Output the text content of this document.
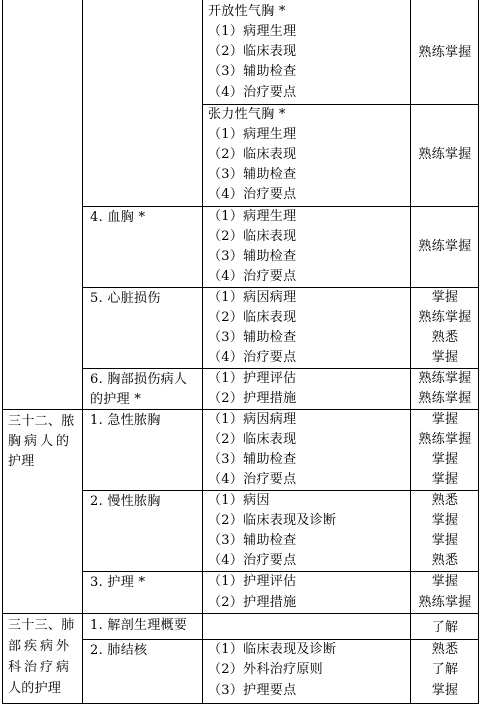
三十二、脓
胸病人的
护理
三十三、肺
部疾病外
科治疗病
人的护理
4. 血胸 *
5. 心脏损伤
6. 胸部损伤病人
的护理 *
1. 急性脓胸
2. 慢性脓胸
3. 护理 *
1. 解剖生理概要
2. 肺结核
开放性气胸 *
（1）病理生理
（2）临床表现
（3）辅助检查
（4）治疗要点
张力性气胸 *
（1）病理生理
（2）临床表现
（3）辅助检查
（4）治疗要点
（1）病理生理
（2）临床表现
（3）辅助检查
（4）治疗要点
（1）病因病理
（2）临床表现
（3）辅助检查
（4）治疗要点
（1）护理评估
（2）护理措施
（1）病因病理
（2）临床表现
（3）辅助检查
（4）治疗要点
（1）病因
（2）临床表现及诊断
（3）辅助检查
（4）治疗要点
（1）护理评估
（2）护理措施
（1）临床表现及诊断
（2）外科治疗原则
（3）护理要点
熟练掌握
熟练掌握
熟练掌握
掌握
熟练掌握
熟悉
掌握
熟练掌握
熟练掌握
掌握
熟练掌握
掌握
掌握
熟悉
掌握
掌握
熟悉
掌握
熟练掌握
了解
熟悉
了解
掌握
